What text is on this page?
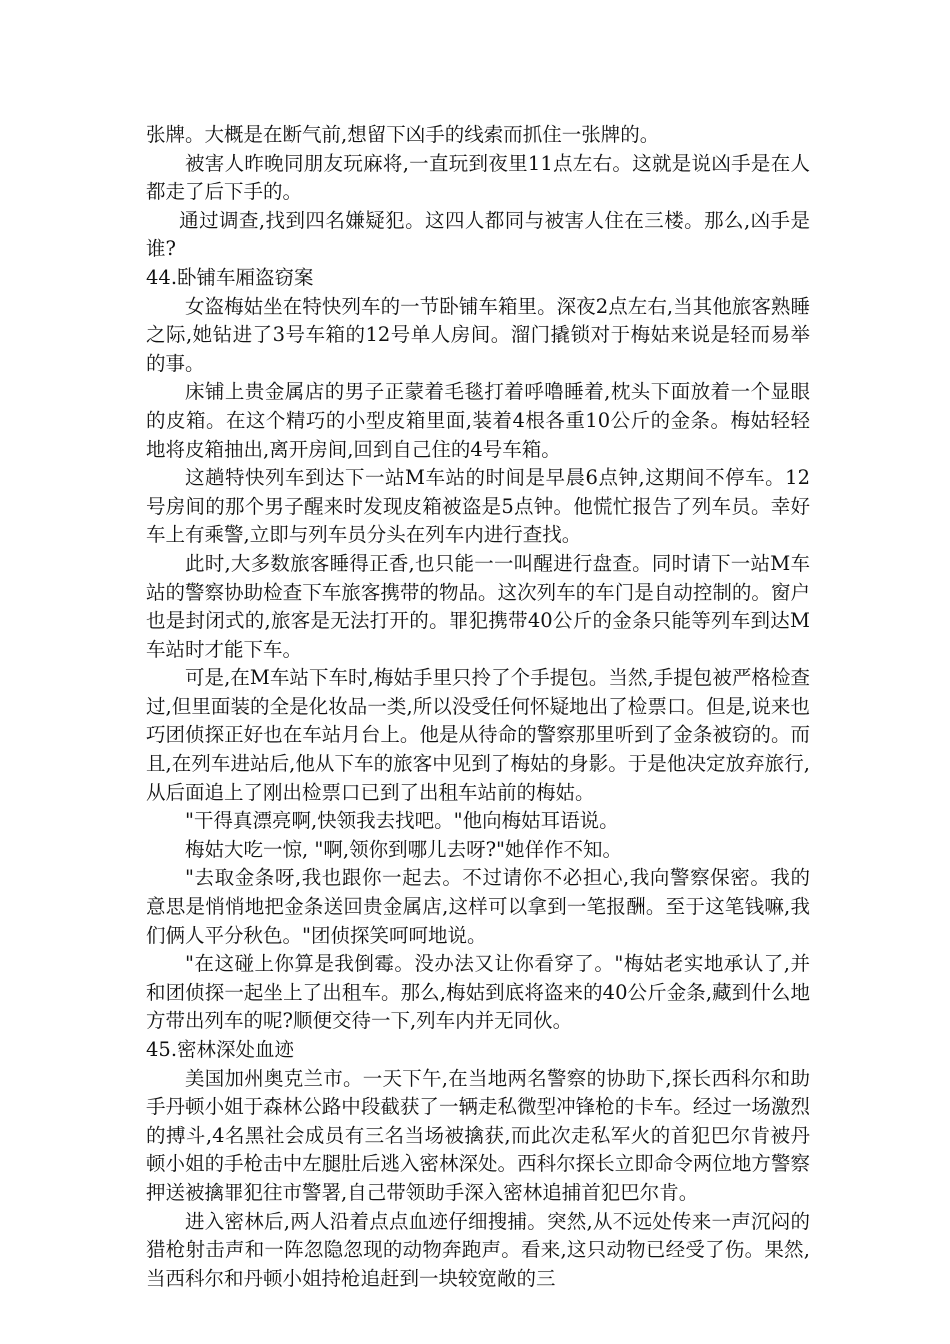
张牌。大概是在断气前,想留下凶手的线索而抓住一张牌的。

被害人昨晚同朋友玩麻将,一直玩到夜里11点左右。这就是说凶手是在人都走了后下手的。

通过调查,找到四名嫌疑犯。这四人都同与被害人住在三楼。那么,凶手是谁?

44.卧铺车厢盗窃案

女盗梅姑坐在特快列车的一节卧铺车箱里。深夜2点左右,当其他旅客熟睡之际,她钻进了3号车箱的12号单人房间。溜门撬锁对于梅姑来说是轻而易举的事。

床铺上贵金属店的男子正蒙着毛毯打着呼噜睡着,枕头下面放着一个显眼的皮箱。在这个精巧的小型皮箱里面,装着4根各重10公斤的金条。梅姑轻轻地将皮箱抽出,离开房间,回到自己住的4号车箱。

这趟特快列车到达下一站M车站的时间是早晨6点钟,这期间不停车。12号房间的那个男子醒来时发现皮箱被盗是5点钟。他慌忙报告了列车员。幸好车上有乘警,立即与列车员分头在列车内进行查找。

此时,大多数旅客睡得正香,也只能一一叫醒进行盘查。同时请下一站M车站的警察协助检查下车旅客携带的物品。这次列车的车门是自动控制的。窗户也是封闭式的,旅客是无法打开的。罪犯携带40公斤的金条只能等列车到达M车站时才能下车。

可是,在M车站下车时,梅姑手里只拎了个手提包。当然,手提包被严格检查过,但里面装的全是化妆品一类,所以没受任何怀疑地出了检票口。但是,说来也巧团侦探正好也在车站月台上。他是从待命的警察那里听到了金条被窃的。而且,在列车进站后,他从下车的旅客中见到了梅姑的身影。于是他决定放弃旅行,从后面追上了刚出检票口已到了出租车站前的梅姑。

"干得真漂亮啊,快领我去找吧。"他向梅姑耳语说。

梅姑大吃一惊, "啊,领你到哪儿去呀?"她佯作不知。

"去取金条呀,我也跟你一起去。不过请你不必担心,我向警察保密。我的意思是悄悄地把金条送回贵金属店,这样可以拿到一笔报酬。至于这笔钱嘛,我们俩人平分秋色。"团侦探笑呵呵地说。

"在这碰上你算是我倒霉。没办法又让你看穿了。"梅姑老实地承认了,并和团侦探一起坐上了出租车。那么,梅姑到底将盗来的40公斤金条,藏到什么地方带出列车的呢?顺便交待一下,列车内并无同伙。

45.密林深处血迹

美国加州奥克兰市。一天下午,在当地两名警察的协助下,探长西科尔和助手丹顿小姐于森林公路中段截获了一辆走私微型冲锋枪的卡车。经过一场激烈的搏斗,4名黑社会成员有三名当场被擒获,而此次走私军火的首犯巴尔肯被丹顿小姐的手枪击中左腿肚后逃入密林深处。西科尔探长立即命令两位地方警察押送被擒罪犯往市警署,自己带领助手深入密林追捕首犯巴尔肯。

进入密林后,两人沿着点点血迹仔细搜捕。突然,从不远处传来一声沉闷的猎枪射击声和一阵忽隐忽现的动物奔跑声。看来,这只动物已经受了伤。果然,当西科尔和丹顿小姐持枪追赶到一块较宽敞的三
